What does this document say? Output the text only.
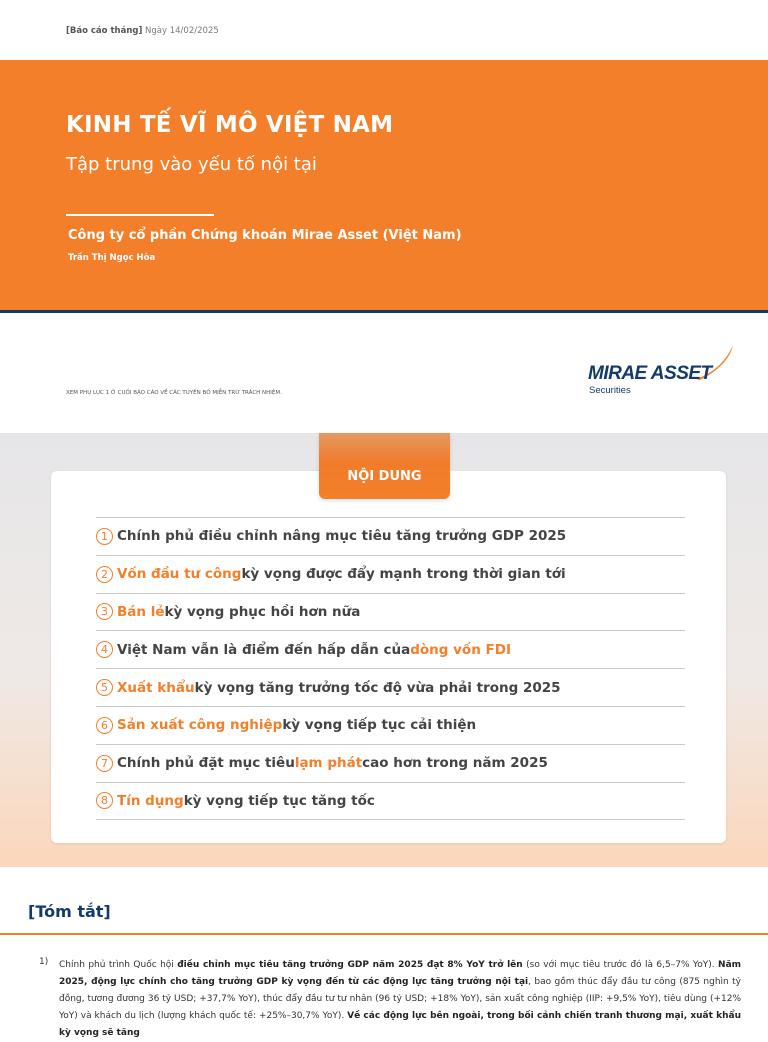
[Báo cáo tháng] Ngày 14/02/2025
KINH TẾ VĨ MÔ VIỆT NAM
Tập trung vào yếu tố nội tại
Công ty cổ phần Chứng khoán Mirae Asset (Việt Nam)
Trần Thị Ngọc Hòa
XEM PHỤ LỤC 1 Ở CUỐI BÁO CÁO VỀ CÁC TUYÊN BỐ MIỄN TRỪ TRÁCH NHIỆM.
MIRAE ASSET
Securities
NỘI DUNG
1 Chính phủ điều chỉnh nâng mục tiêu tăng trưởng GDP 2025
2 Vốn đầu tư công kỳ vọng được đẩy mạnh trong thời gian tới
3 Bán lẻ kỳ vọng phục hồi hơn nữa
4 Việt Nam vẫn là điểm đến hấp dẫn của dòng vốn FDI
5 Xuất khẩu kỳ vọng tăng trưởng tốc độ vừa phải trong 2025
6 Sản xuất công nghiệp kỳ vọng tiếp tục cải thiện
7 Chính phủ đặt mục tiêu lạm phát cao hơn trong năm 2025
8 Tín dụng kỳ vọng tiếp tục tăng tốc
[Tóm tắt]
1) Chính phủ trình Quốc hội điều chỉnh mục tiêu tăng trưởng GDP năm 2025 đạt 8% YoY trở lên (so với mục tiêu trước đó là 6,5–7% YoY). Năm 2025, động lực chính cho tăng trưởng GDP kỳ vọng đến từ các động lực tăng trưởng nội tại, bao gồm thúc đẩy đầu tư công (875 nghìn tỷ đồng, tương đương 36 tỷ USD; +37,7% YoY), thúc đẩy đầu tư tư nhân (96 tỷ USD; +18% YoY), sản xuất công nghiệp (IIP: +9,5% YoY), tiêu dùng (+12% YoY) và khách du lịch (lượng khách quốc tế: +25%–30,7% YoY). Về các động lực bên ngoài, trong bối cảnh chiến tranh thương mại, xuất khẩu kỳ vọng sẽ tăng
